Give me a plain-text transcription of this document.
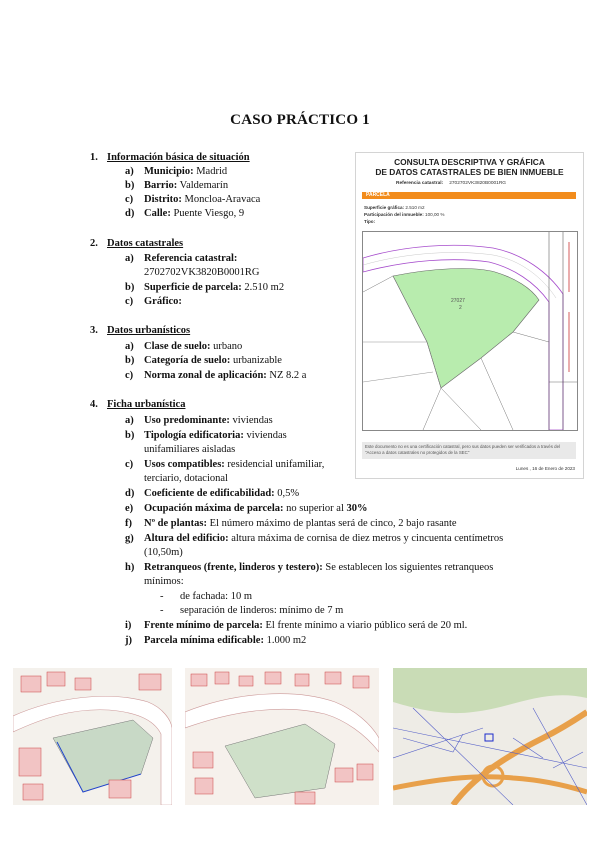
CASO PRÁCTICO 1
1. Información básica de situación
a) Municipio: Madrid
b) Barrio: Valdemarín
c) Distrito: Moncloa-Aravaca
d) Calle: Puente Viesgo, 9
2. Datos catastrales
a) Referencia catastral:
2702702VK3820B0001RG
b) Superficie de parcela: 2.510 m2
c) Gráfico:
3. Datos urbanísticos
a) Clase de suelo: urbano
b) Categoría de suelo: urbanizable
c) Norma zonal de aplicación: NZ 8.2 a
4. Ficha urbanística
a) Uso predominante: viviendas
b) Tipología edificatoria: viviendas
unifamiliares aisladas
c) Usos compatibles: residencial unifamiliar,
terciario, dotacional
d) Coeficiente de edificabilidad: 0,5%
e) Ocupación máxima de parcela: no superior al 30%
f) Nº de plantas: El número máximo de plantas será de cinco, 2 bajo rasante
g) Altura del edificio: altura máxima de cornisa de diez metros y cincuenta centímetros
(10,50m)
h) Retranqueos (frente, linderos y testero): Se establecen los siguientes retranqueos
mínimos:
- de fachada: 10 m
- separación de linderos: mínimo de 7 m
i) Frente mínimo de parcela: El frente mínimo a viario público será de 20 ml.
j) Parcela mínima edificable: 1.000 m2
CONSULTA DESCRIPTIVA Y GRÁFICA
DE DATOS CATASTRALES DE BIEN INMUEBLE
Referencia catastral: 2702702VK3820B0001RG
PARCELA
Superficie gráfica: 2.510 m2
Participación del inmueble: 100,00 %
Tipo:
27027
2
Este documento no es una certificación catastral, pero sus datos pueden ser verificados a través del "Acceso a datos catastrales no protegidos de la SEC"
Lunes , 16 de Enero de 2023
